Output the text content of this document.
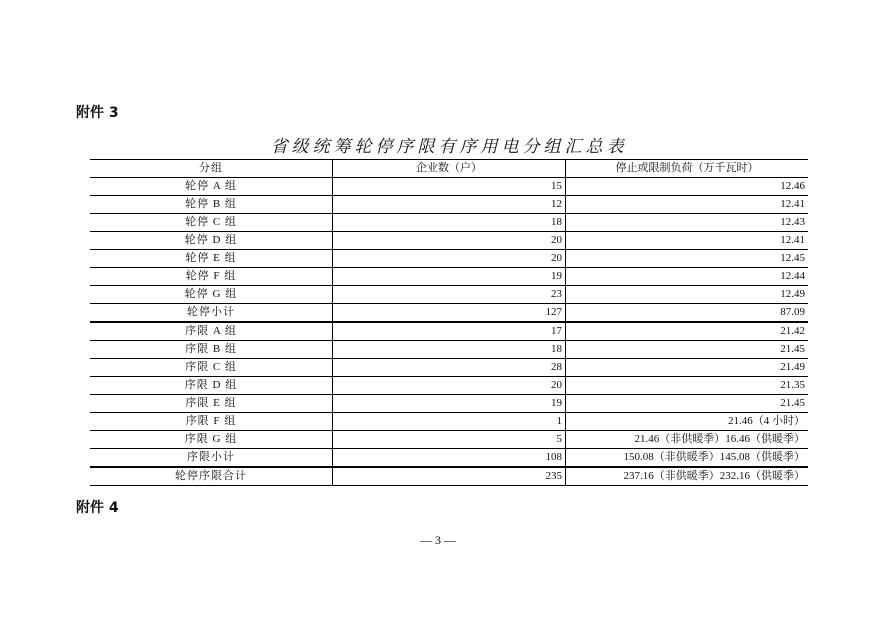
附件 3
省级统筹轮停序限有序用电分组汇总表
分组	企业数（户）	停止或限制负荷（万千瓦时）
轮停 A 组	15	12.46
轮停 B 组	12	12.41
轮停 C 组	18	12.43
轮停 D 组	20	12.41
轮停 E 组	20	12.45
轮停 F 组	19	12.44
轮停 G 组	23	12.49
轮停小计	127	87.09
序限 A 组	17	21.42
序限 B 组	18	21.45
序限 C 组	28	21.49
序限 D 组	20	21.35
序限 E 组	19	21.45
序限 F 组	1	21.46（4 小时）
序限 G 组	5	21.46（非供暖季）16.46（供暖季）
序限小计	108	150.08（非供暖季）145.08（供暖季）
轮停序限合计	235	237.16（非供暖季）232.16（供暖季）
附件 4
— 3 —
